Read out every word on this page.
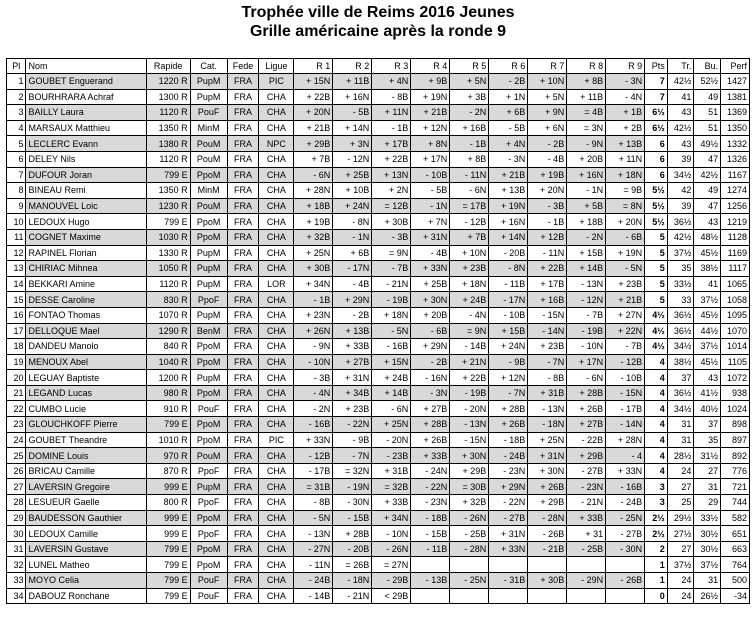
Trophée ville de Reims 2016 Jeunes
Grille américaine après la ronde 9
Pl	Nom	Rapide	Cat.	Fede	Ligue	R 1	R 2	R 3	R 4	R 5	R 6	R 7	R 8	R 9	Pts	Tr.	Bu.	Perf
1	GOUBET Enguerand	1220 R	PupM	FRA	PIC	+ 15N	+ 11B	+ 4N	+ 9B	+ 5N	- 2B	+ 10N	+ 8B	- 3N	7	42½	52½	1427
2	BOURHRARA Achraf	1300 R	PupM	FRA	CHA	+ 22B	+ 16N	- 8B	+ 19N	+ 3B	+ 1N	+ 5N	+ 11B	- 4N	7	41	49	1381
3	BAILLY Laura	1120 R	PouF	FRA	CHA	+ 20N	- 5B	+ 11N	+ 21B	- 2N	+ 6B	+ 9N	= 4B	+ 1B	6½	43	51	1369
4	MARSAUX Matthieu	1350 R	MinM	FRA	CHA	+ 21B	+ 14N	- 1B	+ 12N	+ 16B	- 5B	+ 6N	= 3N	+ 2B	6½	42½	51	1350
5	LECLERC Evann	1380 R	PouM	FRA	NPC	+ 29B	+ 3N	+ 17B	+ 8N	- 1B	+ 4N	- 2B	- 9N	+ 13B	6	43	49½	1332
6	DELEY Nils	1120 R	PouM	FRA	CHA	+ 7B	- 12N	+ 22B	+ 17N	+ 8B	- 3N	- 4B	+ 20B	+ 11N	6	39	47	1326
7	DUFOUR Joran	799 E	PpoM	FRA	CHA	- 6N	+ 25B	+ 13N	- 10B	- 11N	+ 21B	+ 19B	+ 16N	+ 18N	6	34½	42½	1167
8	BINEAU Remi	1350 R	MinM	FRA	CHA	+ 28N	+ 10B	+ 2N	- 5B	- 6N	+ 13B	+ 20N	- 1N	= 9B	5½	42	49	1274
9	MANOUVEL Loic	1230 R	PouM	FRA	CHA	+ 18B	+ 24N	= 12B	- 1N	= 17B	+ 19N	- 3B	+ 5B	= 8N	5½	39	47	1256
10	LEDOUX Hugo	799 E	PpoM	FRA	CHA	+ 19B	- 8N	+ 30B	+ 7N	- 12B	+ 16N	- 1B	+ 18B	+ 20N	5½	36½	43	1219
11	COGNET Maxime	1030 R	PpoM	FRA	CHA	+ 32B	- 1N	- 3B	+ 31N	+ 7B	+ 14N	+ 12B	- 2N	- 6B	5	42½	48½	1128
12	RAPINEL Florian	1330 R	PupM	FRA	CHA	+ 25N	+ 6B	= 9N	- 4B	+ 10N	- 20B	- 11N	+ 15B	+ 19N	5	37½	45½	1169
13	CHIRIAC Mihnea	1050 R	PupM	FRA	CHA	+ 30B	- 17N	- 7B	+ 33N	+ 23B	- 8N	+ 22B	+ 14B	- 5N	5	35	38½	1117
14	BEKKARI Amine	1120 R	PupM	FRA	LOR	+ 34N	- 4B	- 21N	+ 25B	+ 18N	- 11B	+ 17B	- 13N	+ 23B	5	33½	41	1065
15	DESSE Caroline	830 R	PpoF	FRA	CHA	- 1B	+ 29N	- 19B	+ 30N	+ 24B	- 17N	+ 16B	- 12N	+ 21B	5	33	37½	1058
16	FONTAO Thomas	1070 R	PupM	FRA	CHA	+ 23N	- 2B	+ 18N	+ 20B	- 4N	- 10B	- 15N	- 7B	+ 27N	4½	36½	45½	1095
17	DELLOQUE Mael	1290 R	BenM	FRA	CHA	+ 26N	+ 13B	- 5N	- 6B	= 9N	+ 15B	- 14N	- 19B	+ 22N	4½	36½	44½	1070
18	DANDEU Manolo	840 R	PpoM	FRA	CHA	- 9N	+ 33B	- 16B	+ 29N	- 14B	+ 24N	+ 23B	- 10N	- 7B	4½	34½	37½	1014
19	MENOUX Abel	1040 R	PpoM	FRA	CHA	- 10N	+ 27B	+ 15N	- 2B	+ 21N	- 9B	- 7N	+ 17N	- 12B	4	38½	45½	1105
20	LEGUAY Baptiste	1200 R	PupM	FRA	CHA	- 3B	+ 31N	+ 24B	- 16N	+ 22B	+ 12N	- 8B	- 6N	- 10B	4	37	43	1072
21	LEGAND Lucas	980 R	PpoM	FRA	CHA	- 4N	+ 34B	+ 14B	- 3N	- 19B	- 7N	+ 31B	+ 28B	- 15N	4	36½	41½	938
22	CUMBO Lucie	910 R	PouF	FRA	CHA	- 2N	+ 23B	- 6N	+ 27B	- 20N	+ 28B	- 13N	+ 26B	- 17B	4	34½	40½	1024
23	GLOUCHKOFF Pierre	799 E	PpoM	FRA	CHA	- 16B	- 22N	+ 25N	+ 28B	- 13N	+ 26B	- 18N	+ 27B	- 14N	4	31	37	898
24	GOUBET Theandre	1010 R	PpoM	FRA	PIC	+ 33N	- 9B	- 20N	+ 26B	- 15N	- 18B	+ 25N	- 22B	+ 28N	4	31	35	897
25	DOMINE Louis	970 R	PouM	FRA	CHA	- 12B	- 7N	- 23B	+ 33B	+ 30N	- 24B	+ 31N	+ 29B	- 4	4	28½	31½	892
26	BRICAU Camille	870 R	PpoF	FRA	CHA	- 17B	= 32N	+ 31B	- 24N	+ 29B	- 23N	+ 30N	- 27B	+ 33N	4	24	27	776
27	LAVERSIN Gregoire	999 E	PupM	FRA	CHA	= 31B	- 19N	= 32B	- 22N	= 30B	+ 29N	+ 26B	- 23N	- 16B	3	27	31	721
28	LESUEUR Gaelle	800 R	PpoF	FRA	CHA	- 8B	- 30N	+ 33B	- 23N	+ 32B	- 22N	+ 29B	- 21N	- 24B	3	25	29	744
29	BAUDESSON Gauthier	999 E	PpoM	FRA	CHA	- 5N	- 15B	+ 34N	- 18B	- 26N	- 27B	- 28N	+ 33B	- 25N	2½	29½	33½	582
30	LEDOUX Camille	999 E	PpoF	FRA	CHA	- 13N	+ 28B	- 10N	- 15B	- 25B	+ 31N	- 26B	+ 31	- 27B	2½	27½	30½	651
31	LAVERSIN Gustave	799 E	PpoM	FRA	CHA	- 27N	- 20B	- 26N	- 11B	- 28N	+ 33N	- 21B	- 25B	- 30N	2	27	30½	663
32	LUNEL Matheo	799 E	PpoM	FRA	CHA	- 11N	= 26B	= 27N							1	37½	37½	764
33	MOYO Celia	799 E	PouF	FRA	CHA	- 24B	- 18N	- 29B	- 13B	- 25N	- 31B	+ 30B	- 29N	- 26B	1	24	31	500
34	DABOUZ Ronchane	799 E	PouF	FRA	CHA	- 14B	- 21N	< 29B							0	24	26½	-34
